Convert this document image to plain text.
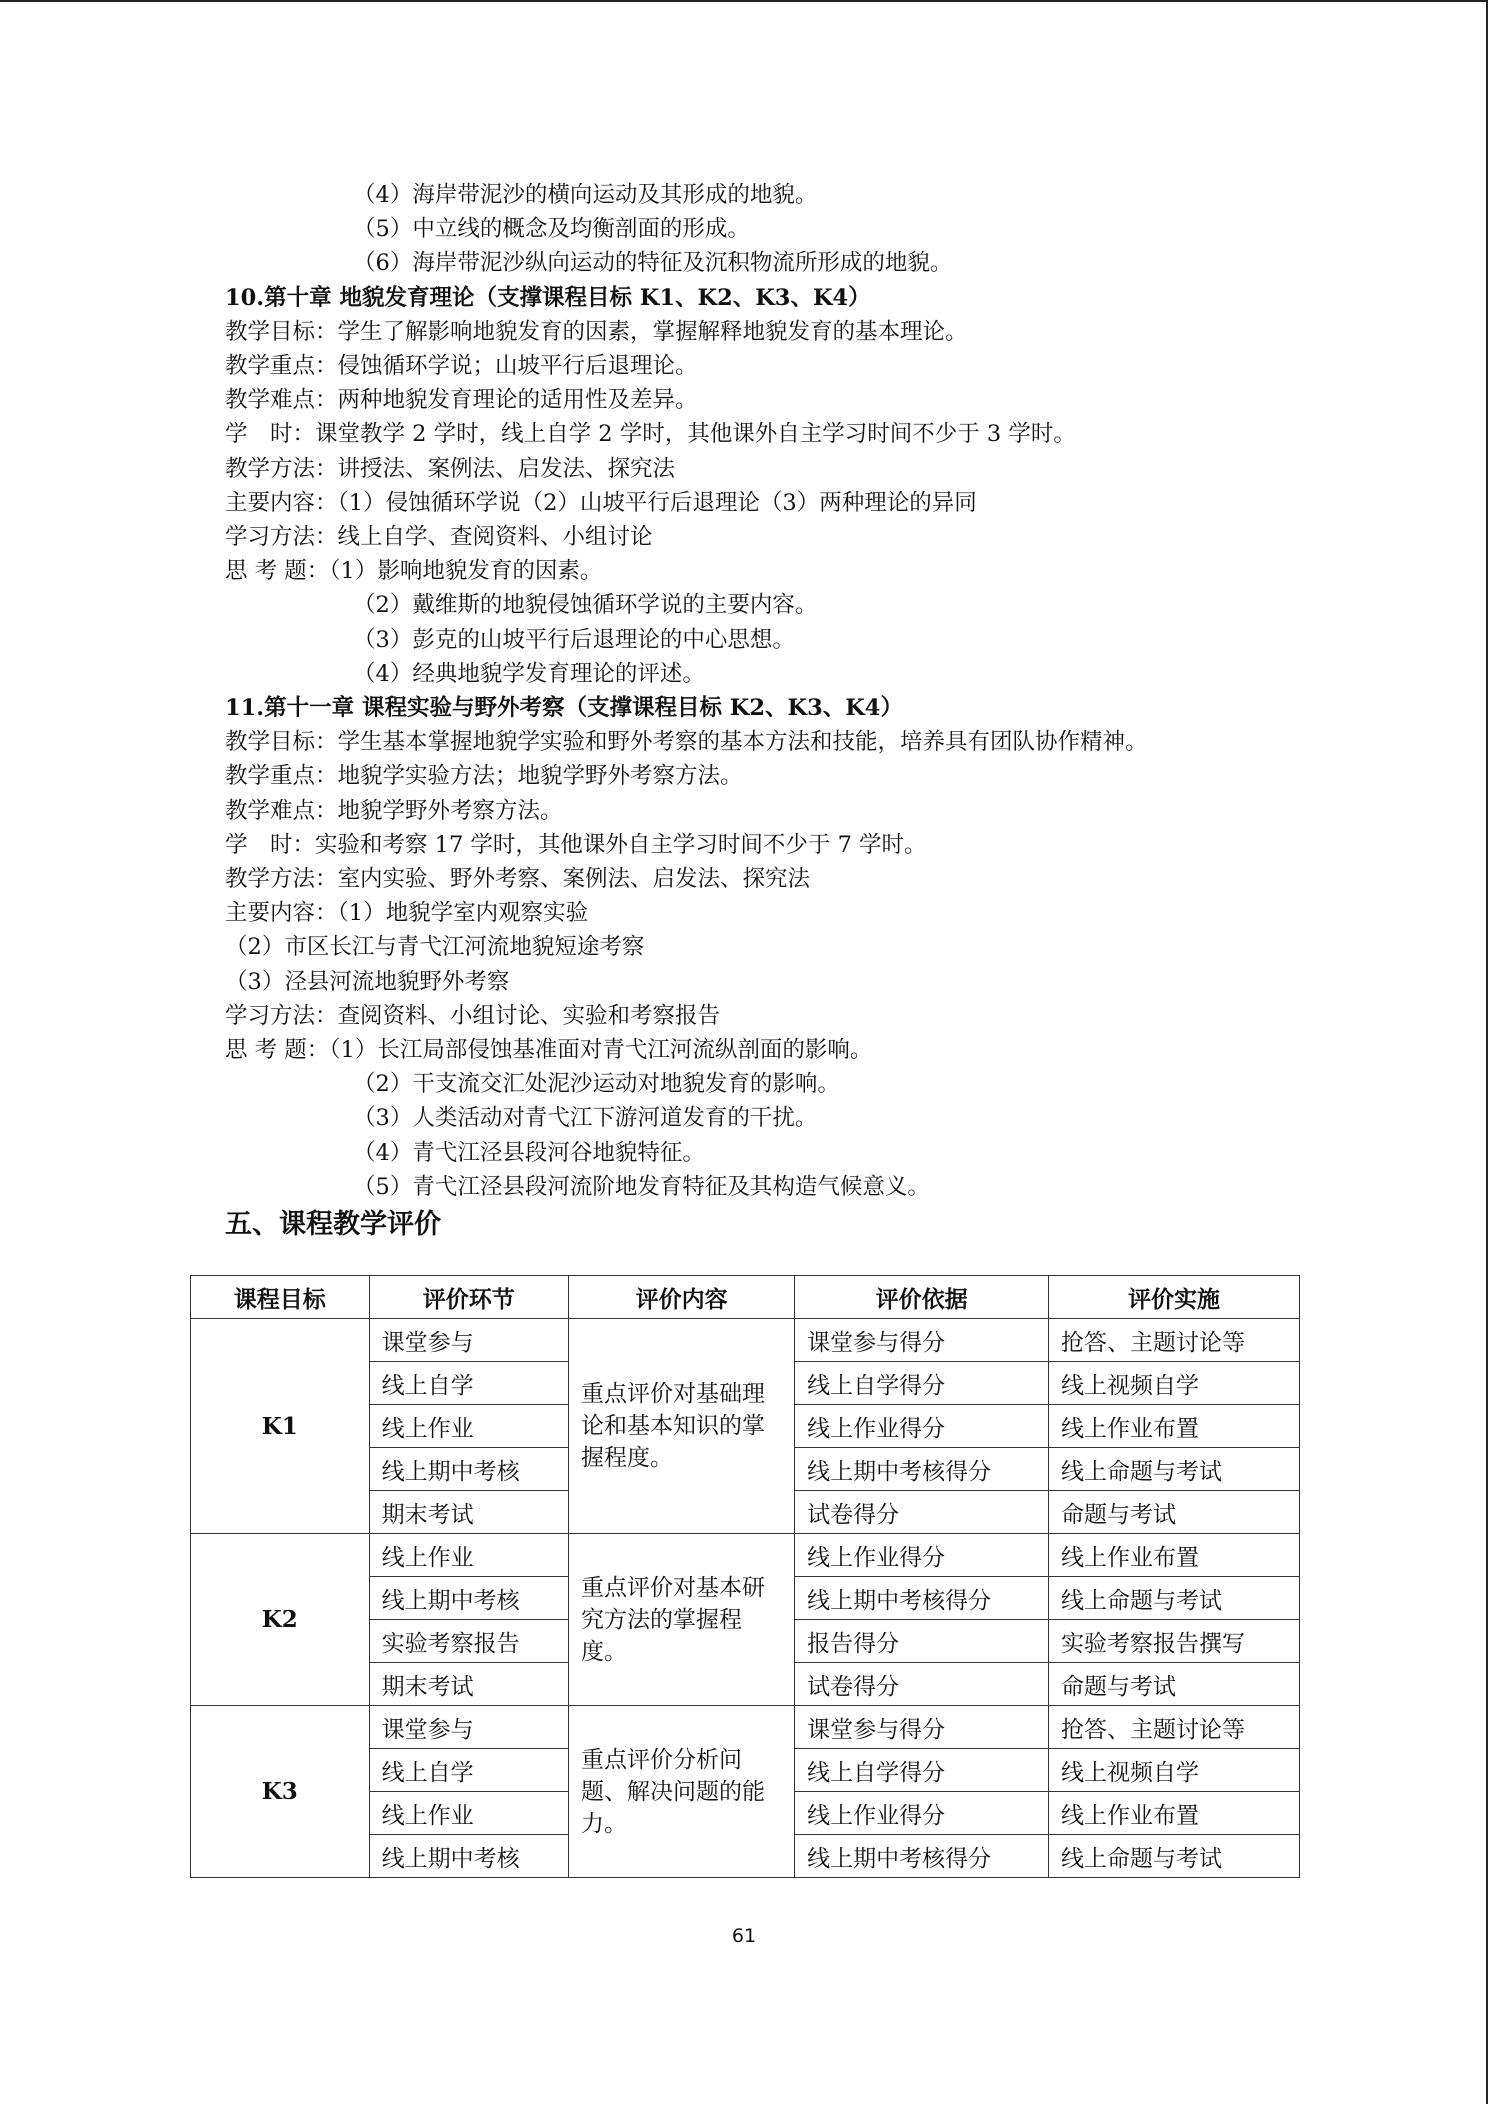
（4）海岸带泥沙的横向运动及其形成的地貌。
（5）中立线的概念及均衡剖面的形成。
（6）海岸带泥沙纵向运动的特征及沉积物流所形成的地貌。
10.第十章 地貌发育理论（支撑课程目标 K1、K2、K3、K4）
教学目标：学生了解影响地貌发育的因素，掌握解释地貌发育的基本理论。
教学重点：侵蚀循环学说；山坡平行后退理论。
教学难点：两种地貌发育理论的适用性及差异。
学　时：课堂教学 2 学时，线上自学 2 学时，其他课外自主学习时间不少于 3 学时。
教学方法：讲授法、案例法、启发法、探究法
主要内容：（1）侵蚀循环学说（2）山坡平行后退理论（3）两种理论的异同
学习方法：线上自学、查阅资料、小组讨论
思 考 题：（1）影响地貌发育的因素。
（2）戴维斯的地貌侵蚀循环学说的主要内容。
（3）彭克的山坡平行后退理论的中心思想。
（4）经典地貌学发育理论的评述。
11.第十一章 课程实验与野外考察（支撑课程目标 K2、K3、K4）
教学目标：学生基本掌握地貌学实验和野外考察的基本方法和技能，培养具有团队协作精神。
教学重点：地貌学实验方法；地貌学野外考察方法。
教学难点：地貌学野外考察方法。
学　时：实验和考察 17 学时，其他课外自主学习时间不少于 7 学时。
教学方法：室内实验、野外考察、案例法、启发法、探究法
主要内容：（1）地貌学室内观察实验
（2）市区长江与青弋江河流地貌短途考察
（3）泾县河流地貌野外考察
学习方法：查阅资料、小组讨论、实验和考察报告
思 考 题：（1）长江局部侵蚀基准面对青弋江河流纵剖面的影响。
（2）干支流交汇处泥沙运动对地貌发育的影响。
（3）人类活动对青弋江下游河道发育的干扰。
（4）青弋江泾县段河谷地貌特征。
（5）青弋江泾县段河流阶地发育特征及其构造气候意义。
五、课程教学评价
课程目标	评价环节	评价内容	评价依据	评价实施
K1	课堂参与	重点评价对基础理论和基本知识的掌握程度。	课堂参与得分	抢答、主题讨论等
	线上自学		线上自学得分	线上视频自学
	线上作业		线上作业得分	线上作业布置
	线上期中考核		线上期中考核得分	线上命题与考试
	期末考试		试卷得分	命题与考试
K2	线上作业	重点评价对基本研究方法的掌握程度。	线上作业得分	线上作业布置
	线上期中考核		线上期中考核得分	线上命题与考试
	实验考察报告		报告得分	实验考察报告撰写
	期末考试		试卷得分	命题与考试
K3	课堂参与	重点评价分析问题、解决问题的能力。	课堂参与得分	抢答、主题讨论等
	线上自学		线上自学得分	线上视频自学
	线上作业		线上作业得分	线上作业布置
	线上期中考核		线上期中考核得分	线上命题与考试
61
